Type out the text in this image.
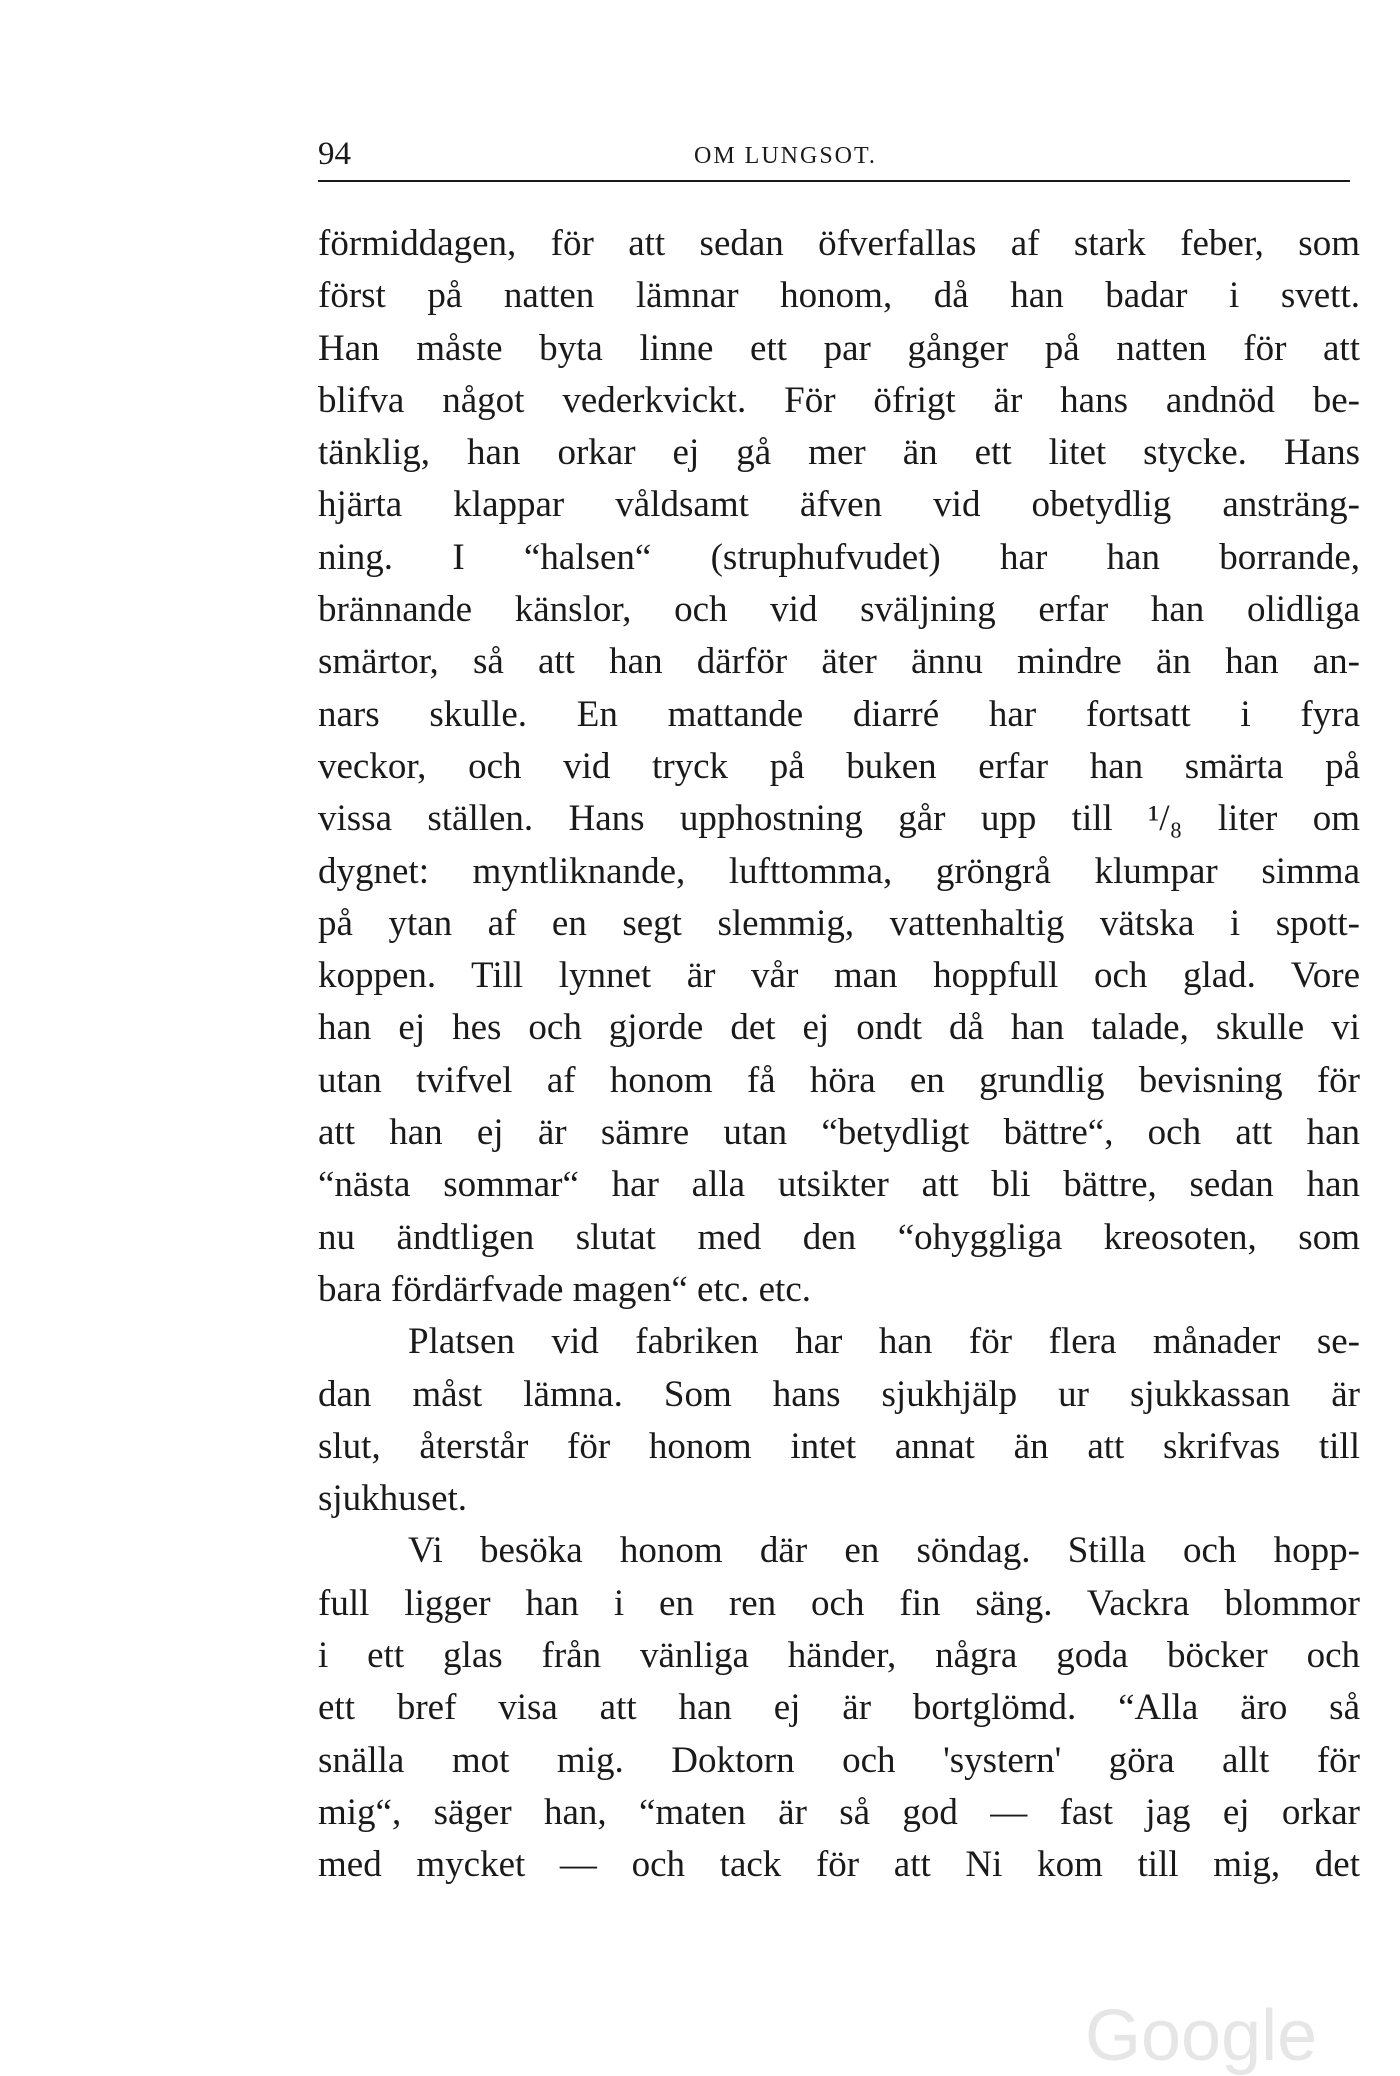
94	OM LUNGSOT.
förmiddagen, för att sedan öfverfallas af stark feber, som
först på natten lämnar honom, då han badar i svett.
Han måste byta linne ett par gånger på natten för att
blifva något vederkvickt. För öfrigt är hans andnöd be-
tänklig, han orkar ej gå mer än ett litet stycke. Hans
hjärta klappar våldsamt äfven vid obetydlig ansträng-
ning. I “halsen“ (struphufvudet) har han borrande,
brännande känslor, och vid sväljning erfar han olidliga
smärtor, så att han därför äter ännu mindre än han an-
nars skulle. En mattande diarré har fortsatt i fyra
veckor, och vid tryck på buken erfar han smärta på
vissa ställen. Hans upphostning går upp till ¹/₈ liter om
dygnet: myntliknande, lufttomma, gröngrå klumpar simma
på ytan af en segt slemmig, vattenhaltig vätska i spott-
koppen. Till lynnet är vår man hoppfull och glad. Vore
han ej hes och gjorde det ej ondt då han talade, skulle vi
utan tvifvel af honom få höra en grundlig bevisning för
att han ej är sämre utan “betydligt bättre“, och att han
“nästa sommar“ har alla utsikter att bli bättre, sedan han
nu ändtligen slutat med den “ohyggliga kreosoten, som
bara fördärfvade magen“ etc. etc.
Platsen vid fabriken har han för flera månader se-
dan måst lämna. Som hans sjukhjälp ur sjukkassan är
slut, återstår för honom intet annat än att skrifvas till
sjukhuset.
Vi besöka honom där en söndag. Stilla och hopp-
full ligger han i en ren och fin säng. Vackra blommor
i ett glas från vänliga händer, några goda böcker och
ett bref visa att han ej är bortglömd. “Alla äro så
snälla mot mig. Doktorn och 'systern' göra allt för
mig“, säger han, “maten är så god — fast jag ej orkar
med mycket — och tack för att Ni kom till mig, det
Google
